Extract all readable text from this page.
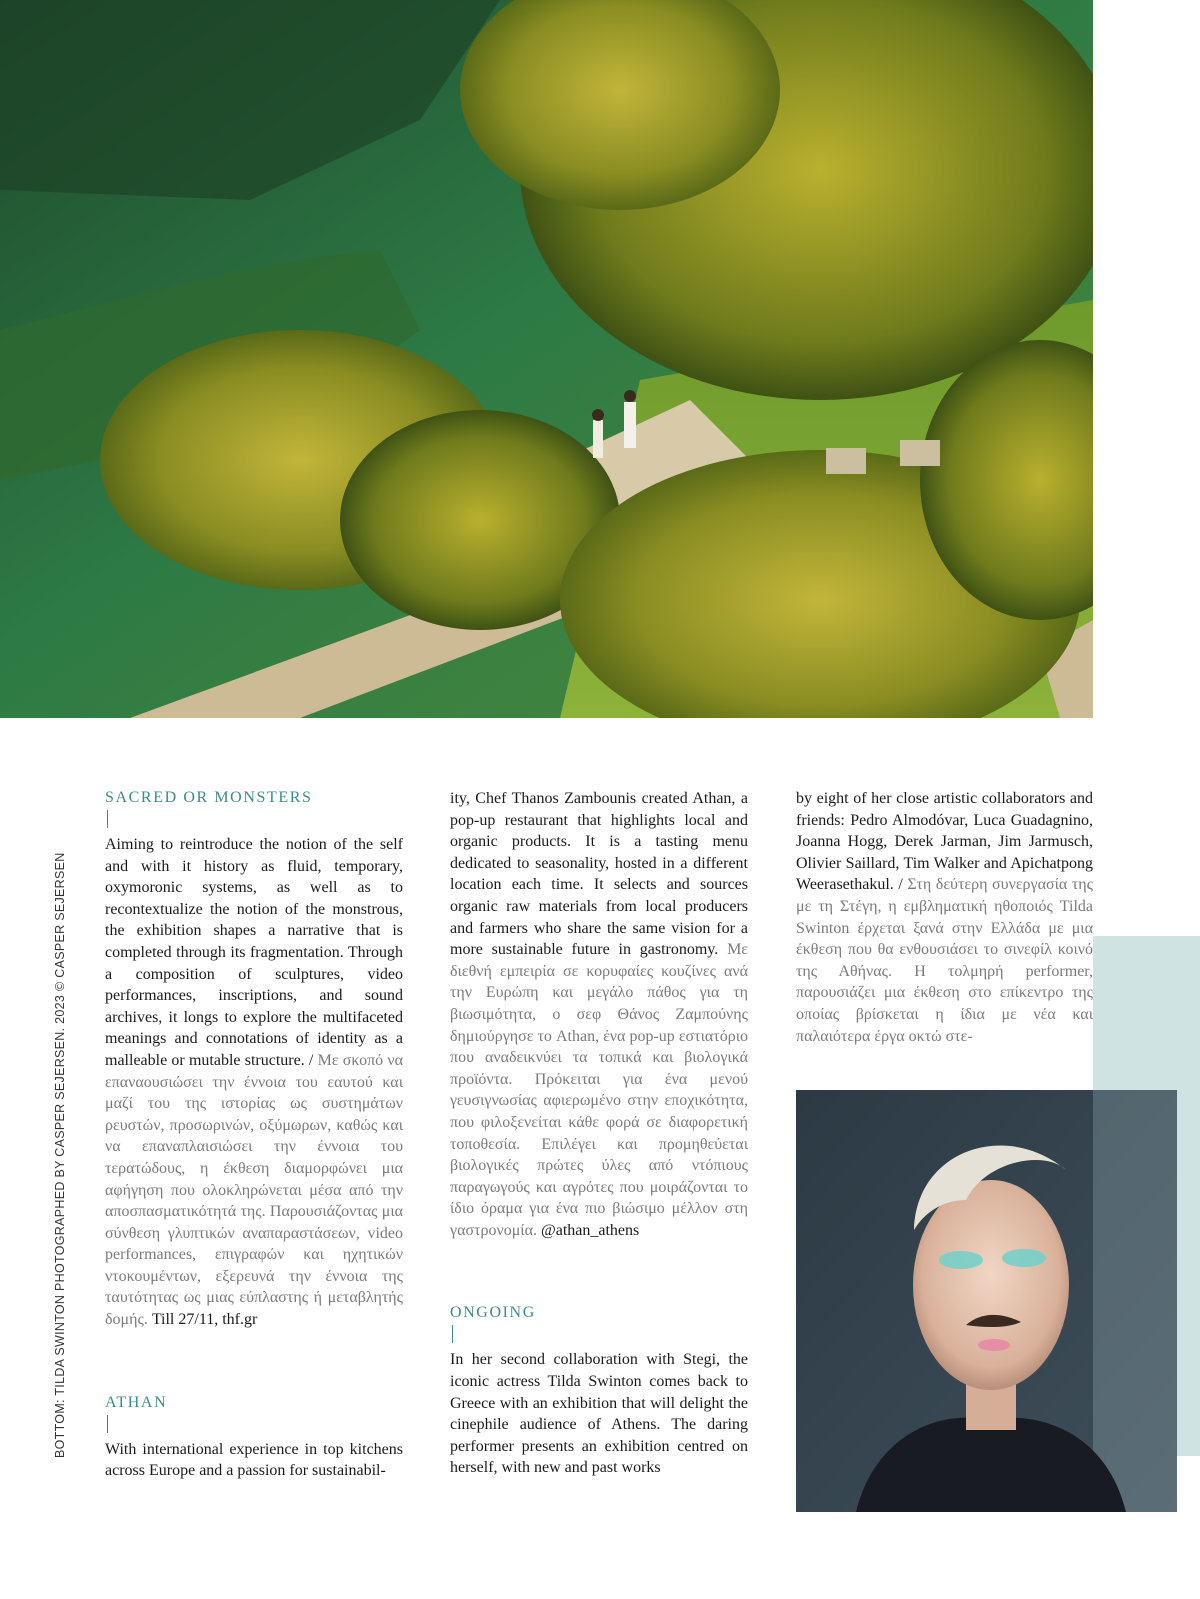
BOTTOM: TILDA SWINTON PHOTOGRAPHED BY CASPER SEJERSEN. 2023 © CASPER SEJERSEN
SACRED OR MONSTERS

Aiming to reintroduce the notion of the self and with it history as fluid, temporary, oxymoronic systems, as well as to recontextualize the notion of the monstrous, the exhibition shapes a narrative that is completed through its fragmentation. Through a composition of sculptures, video performances, inscriptions, and sound archives, it longs to explore the multifaceted meanings and connotations of identity as a malleable or mutable structure. / Με σκοπό να επαναουσιώσει την έννοια του εαυτού και μαζί του της ιστορίας ως συστημάτων ρευστών, προσωρινών, οξύμωρων, καθώς και να επαναπλαισιώσει την έννοια του τερατώδους, η έκθεση διαμορφώνει μια αφήγηση που ολοκληρώνεται μέσα από την αποσπασματικότητά της. Παρουσιάζοντας μια σύνθεση γλυπτικών αναπαραστάσεων, video performances, επιγραφών και ηχητικών ντοκουμέντων, εξερευνά την έννοια της ταυτότητας ως μιας εύπλαστης ή μεταβλητής δομής. Till 27/11, thf.gr

ATHAN

With international experience in top kitchens across Europe and a passion for sustainabil-

ity, Chef Thanos Zambounis created Athan, a pop-up restaurant that highlights local and organic products. It is a tasting menu dedicated to seasonality, hosted in a different location each time. It selects and sources organic raw materials from local producers and farmers who share the same vision for a more sustainable future in gastronomy. Με διεθνή εμπειρία σε κορυφαίες κουζίνες ανά την Ευρώπη και μεγάλο πάθος για τη βιωσιμότητα, ο σεφ Θάνος Ζαμπούνης δημιούργησε το Athan, ένα pop-up εστιατόριο που αναδεικνύει τα τοπικά και βιολογικά προϊόντα. Πρόκειται για ένα μενού γευσιγνωσίας αφιερωμένο στην εποχικότητα, που φιλοξενείται κάθε φορά σε διαφορετική τοποθεσία. Επιλέγει και προμηθεύεται βιολογικές πρώτες ύλες από ντόπιους παραγωγούς και αγρότες που μοιράζονται το ίδιο όραμα για ένα πιο βιώσιμο μέλλον στη γαστρονομία. @athan_athens

ONGOING

In her second collaboration with Stegi, the iconic actress Tilda Swinton comes back to Greece with an exhibition that will delight the cinephile audience of Athens. The daring performer presents an exhibition centred on herself, with new and past works

by eight of her close artistic collaborators and friends: Pedro Almodóvar, Luca Guadagnino, Joanna Hogg, Derek Jarman, Jim Jarmusch, Olivier Saillard, Tim Walker and Apichatpong Weerasethakul. / Στη δεύτερη συνεργασία της με τη Στέγη, η εμβληματική ηθοποιός Tilda Swinton έρχεται ξανά στην Ελλάδα με μια έκθεση που θα ενθουσιάσει το σινεφίλ κοινό της Αθήνας. Η τολμηρή performer, παρουσιάζει μια έκθεση στο επίκεντρο της οποίας βρίσκεται η ίδια με νέα και παλαιότερα έργα οκτώ στε-
